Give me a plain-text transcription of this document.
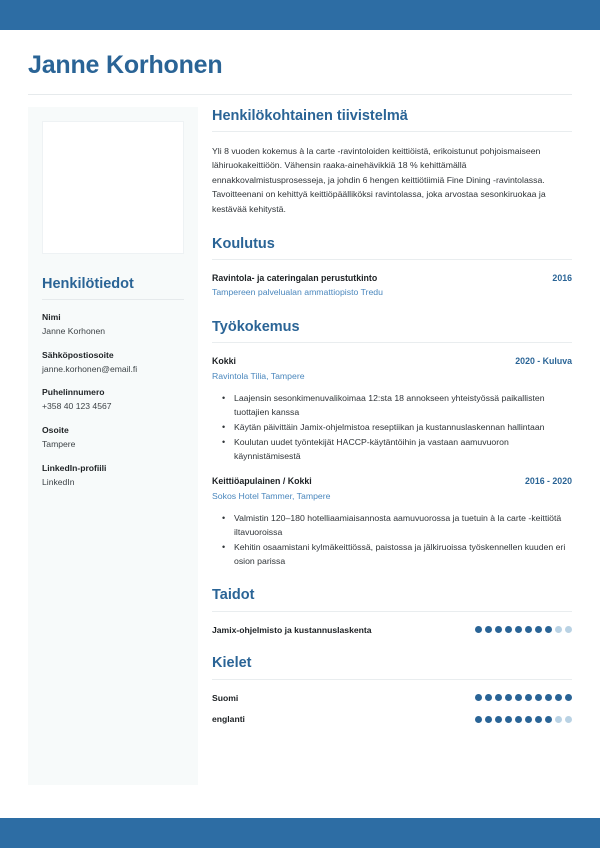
Janne Korhonen
Henkilötiedot
Nimi
Janne Korhonen
Sähköpostiosoite
janne.korhonen@email.fi
Puhelinnumero
+358 40 123 4567
Osoite
Tampere
LinkedIn-profiili
LinkedIn
Henkilökohtainen tiivistelmä

Yli 8 vuoden kokemus à la carte -ravintoloiden keittiöistä, erikoistunut pohjoismaiseen lähiruokakeittiöön. Vähensin raaka-ainehävikkiä 18 % kehittämällä ennakkovalmistusprosesseja, ja johdin 6 hengen keittiötiimiä Fine Dining -ravintolassa. Tavoitteenani on kehittyä keittiöpäälliköksi ravintolassa, joka arvostaa sesonkiruokaa ja kestävää kehitystä.

Koulutus
Ravintola- ja cateringalan perustutkinto	2016
Tampereen palvelualan ammattiopisto Tredu
Työkokemus
Kokki	2020 - Kuluva
Ravintola Tilia, Tampere
• Laajensin sesonkimenuvalikoimaa 12:sta 18 annokseen yhteistyössä paikallisten tuottajien kanssa
• Käytän päivittäin Jamix-ohjelmistoa reseptiikan ja kustannuslaskennan hallintaan
• Koulutan uudet työntekijät HACCP-käytäntöihin ja vastaan aamuvuoron käynnistämisestä
Keittiöapulainen / Kokki	2016 - 2020
Sokos Hotel Tammer, Tampere
• Valmistin 120–180 hotelliaamiaisannosta aamuvuorossa ja tuetuin à la carte -keittiötä iltavuoroissa
• Kehitin osaamistani kylmäkeittiössä, paistossa ja jälkiruoissa työskennellen kuuden eri osion parissa
Taidot
Jamix-ohjelmisto ja kustannuslaskenta
Kielet
Suomi
englanti
